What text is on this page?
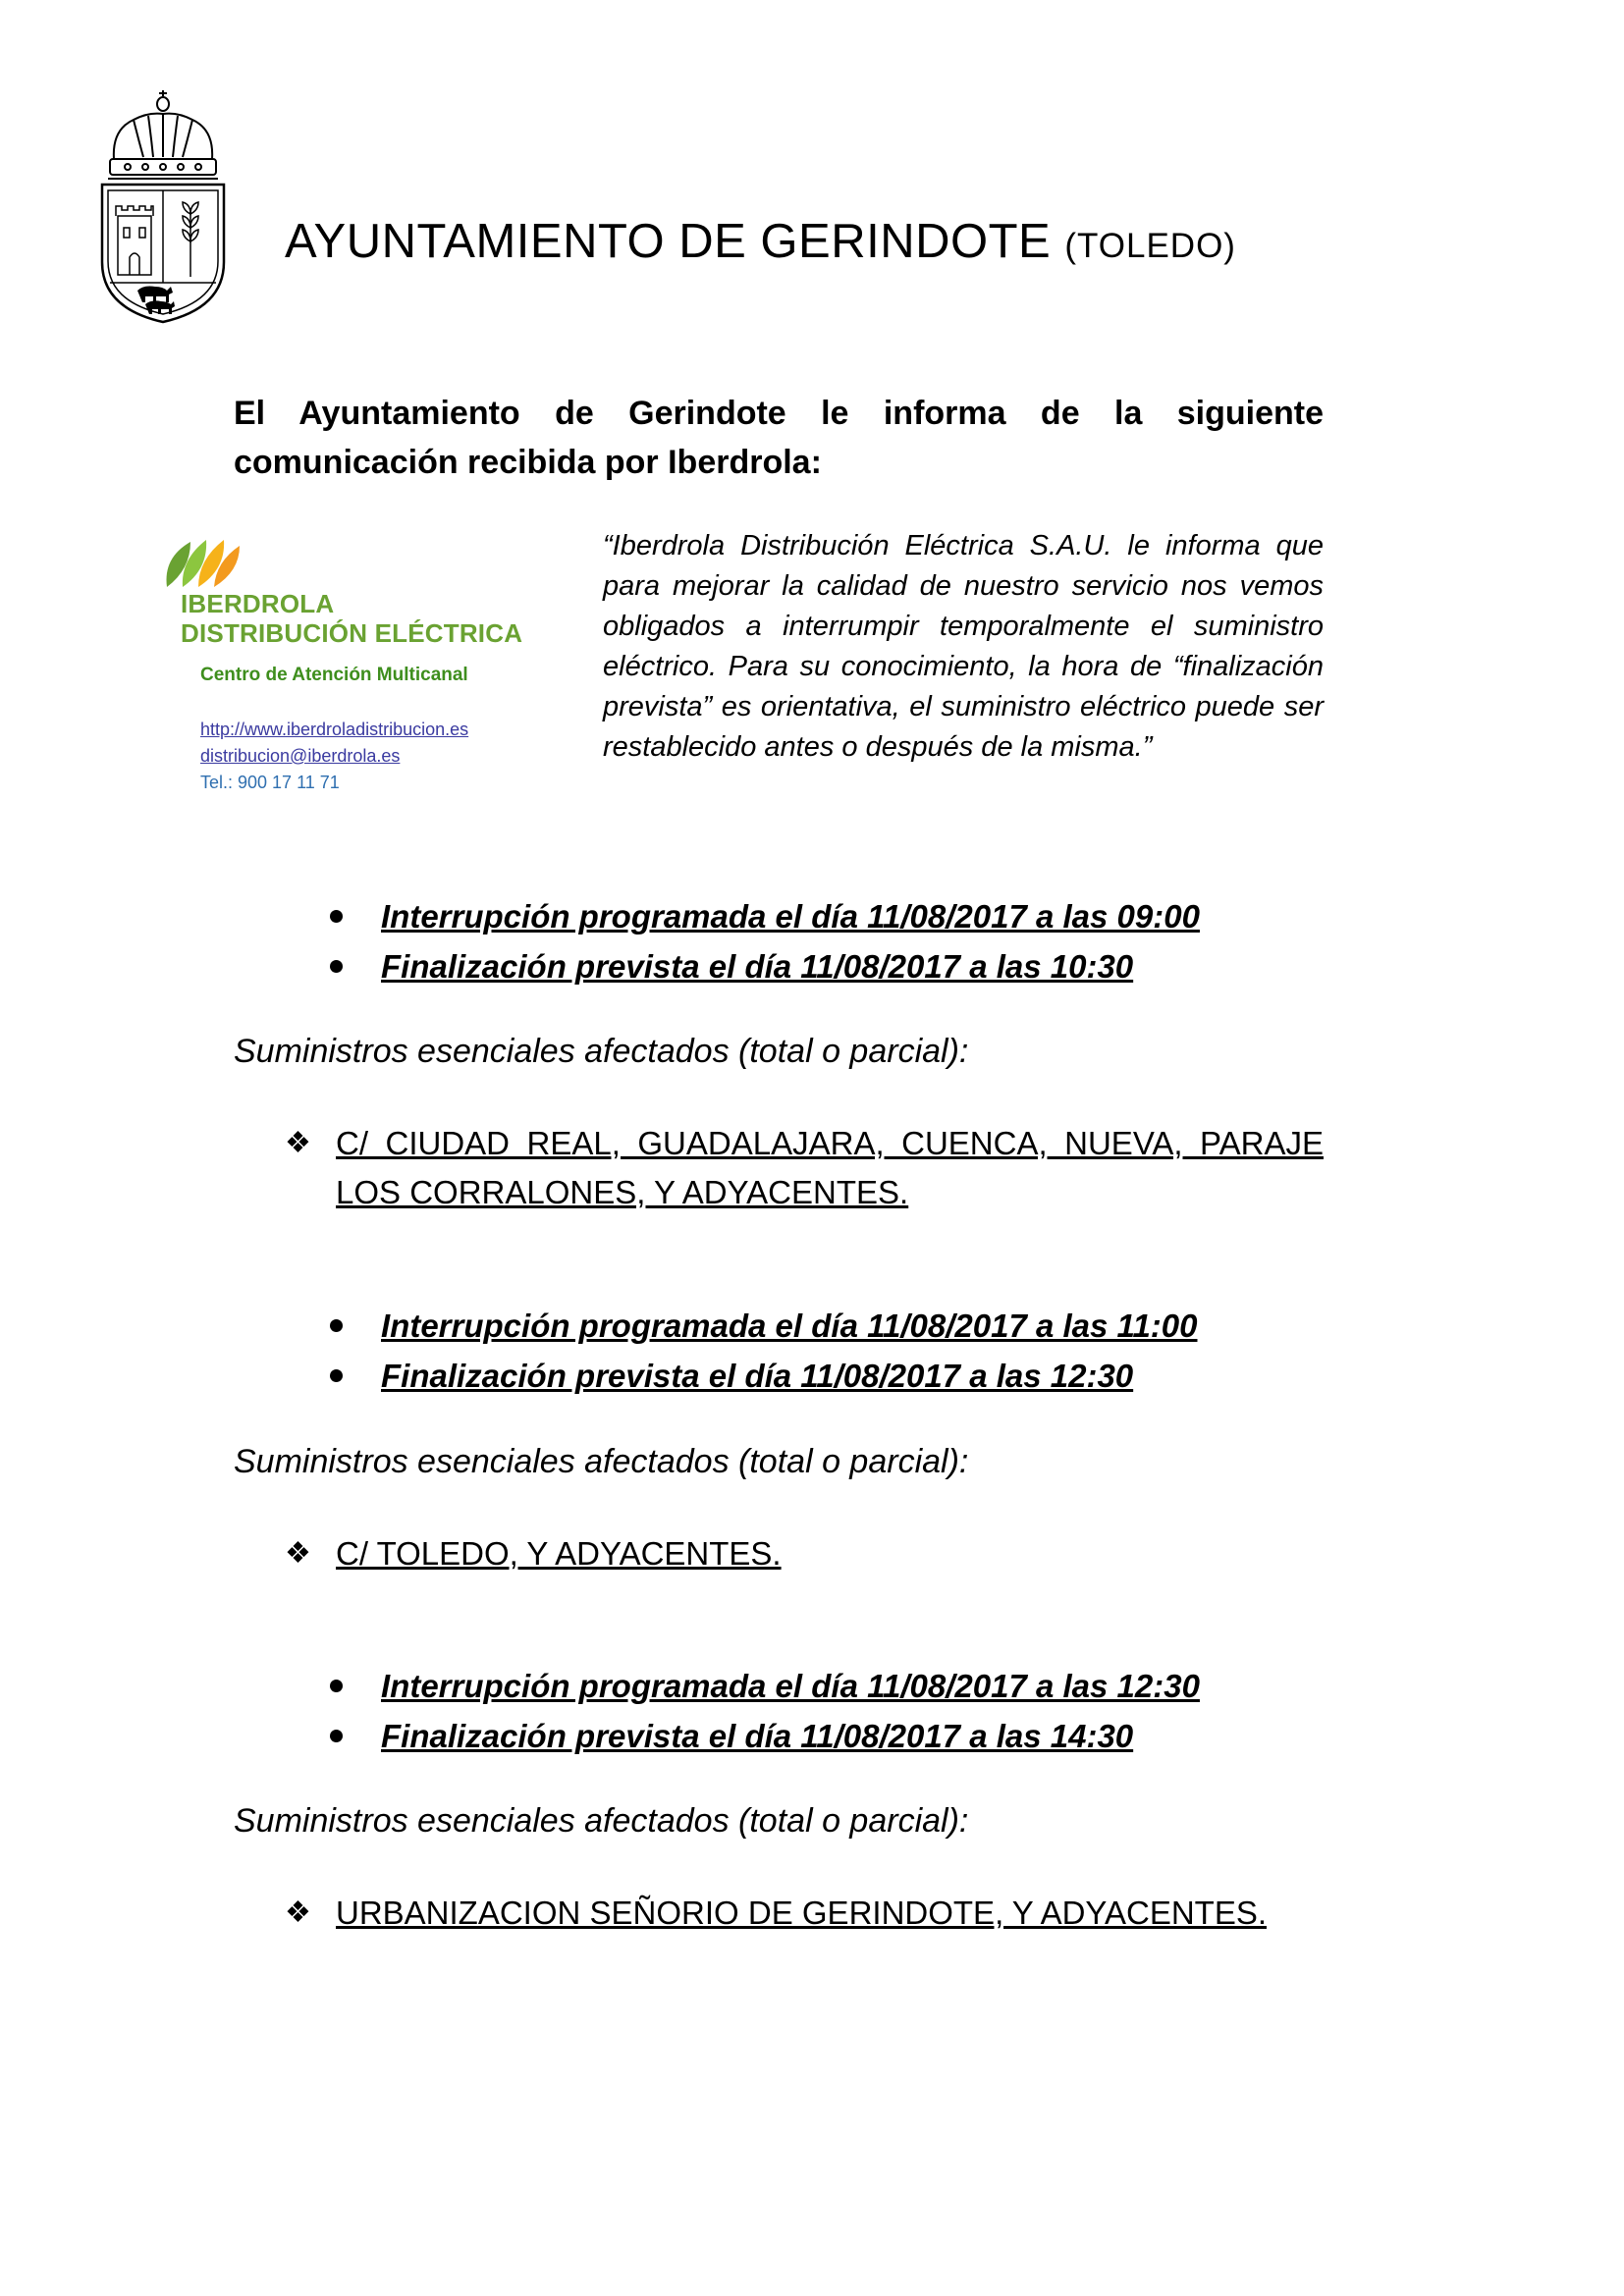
AYUNTAMIENTO DE GERINDOTE (TOLEDO)
El Ayuntamiento de Gerindote le informa de la siguiente
comunicación recibida por Iberdrola:
IBERDROLA
DISTRIBUCIÓN ELÉCTRICA
Centro de Atención Multicanal
http://www.iberdroladistribucion.es
distribucion@iberdrola.es
Tel.: 900 17 11 71
“Iberdrola Distribución Eléctrica S.A.U. le informa que para mejorar la calidad de nuestro servicio nos vemos obligados a interrumpir temporalmente el suministro eléctrico. Para su conocimiento, la hora de “finalización prevista” es orientativa, el suministro eléctrico puede ser restablecido antes o después de la misma.”
Interrupción programada el día 11/08/2017 a las 09:00
Finalización prevista el día 11/08/2017 a las 10:30
Suministros esenciales afectados (total o parcial):
❖ C/ CIUDAD REAL, GUADALAJARA, CUENCA, NUEVA, PARAJE
LOS CORRALONES, Y ADYACENTES.
Interrupción programada el día 11/08/2017 a las 11:00
Finalización prevista el día 11/08/2017 a las 12:30
Suministros esenciales afectados (total o parcial):
❖ C/ TOLEDO, Y ADYACENTES.
Interrupción programada el día 11/08/2017 a las 12:30
Finalización prevista el día 11/08/2017 a las 14:30
Suministros esenciales afectados (total o parcial):
❖ URBANIZACION SEÑORIO DE GERINDOTE, Y ADYACENTES.
